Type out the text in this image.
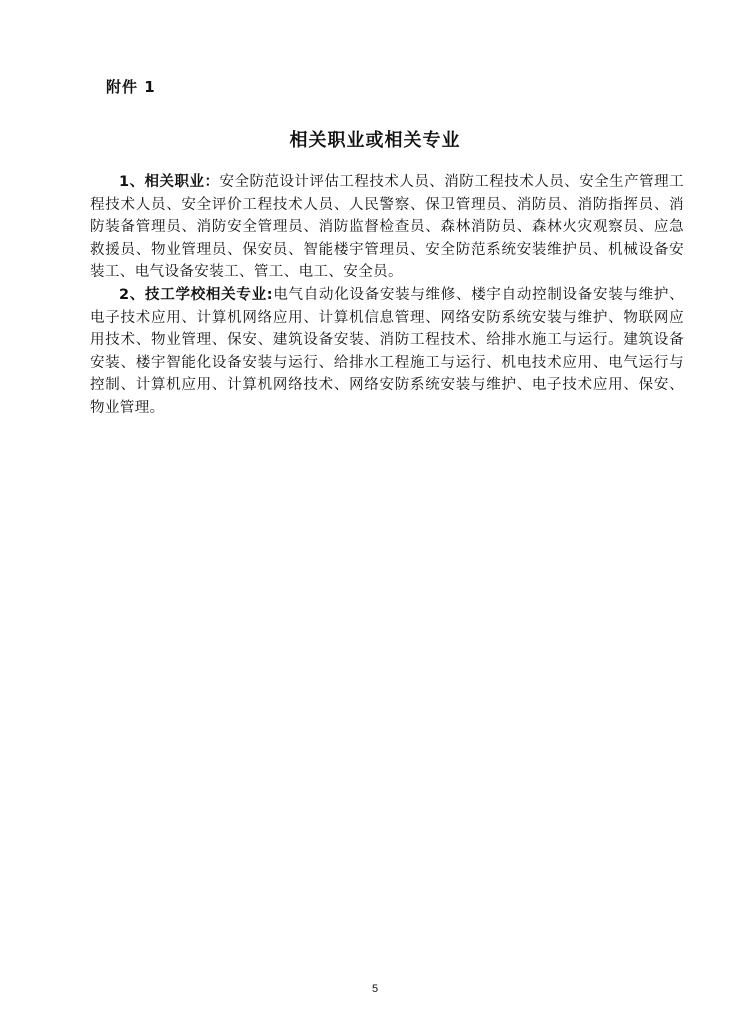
附件 1
相关职业或相关专业

1、相关职业：安全防范设计评估工程技术人员、消防工程技术人员、安全生产管理工程技术人员、安全评价工程技术人员、人民警察、保卫管理员、消防员、消防指挥员、消防装备管理员、消防安全管理员、消防监督检查员、森林消防员、森林火灾观察员、应急救援员、物业管理员、保安员、智能楼宇管理员、安全防范系统安装维护员、机械设备安装工、电气设备安装工、管工、电工、安全员。

2、技工学校相关专业:电气自动化设备安装与维修、楼宇自动控制设备安装与维护、电子技术应用、计算机网络应用、计算机信息管理、网络安防系统安装与维护、物联网应用技术、物业管理、保安、建筑设备安装、消防工程技术、给排水施工与运行。建筑设备安装、楼宇智能化设备安装与运行、给排水工程施工与运行、机电技术应用、电气运行与控制、计算机应用、计算机网络技术、网络安防系统安装与维护、电子技术应用、保安、物业管理。

5
